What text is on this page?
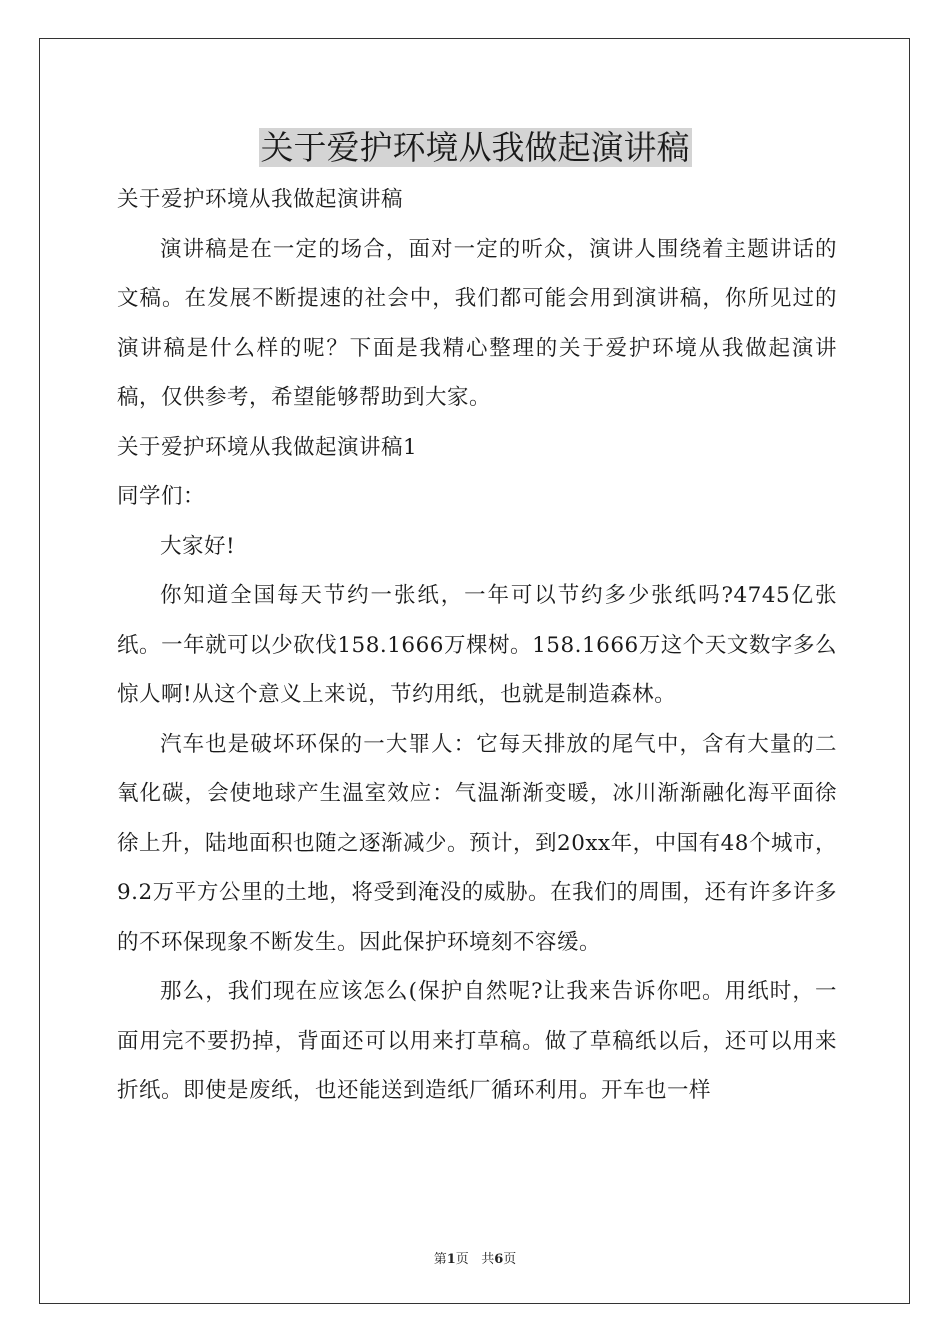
关于爱护环境从我做起演讲稿

关于爱护环境从我做起演讲稿

演讲稿是在一定的场合，面对一定的听众，演讲人围绕着主题讲话的文稿。在发展不断提速的社会中，我们都可能会用到演讲稿，你所见过的演讲稿是什么样的呢？下面是我精心整理的关于爱护环境从我做起演讲稿，仅供参考，希望能够帮助到大家。

关于爱护环境从我做起演讲稿1

同学们：

大家好!

你知道全国每天节约一张纸，一年可以节约多少张纸吗?4745亿张纸。一年就可以少砍伐158.1666万棵树。158.1666万这个天文数字多么惊人啊!从这个意义上来说，节约用纸，也就是制造森林。

汽车也是破坏环保的一大罪人：它每天排放的尾气中，含有大量的二氧化碳，会使地球产生温室效应：气温渐渐变暖，冰川渐渐融化海平面徐徐上升，陆地面积也随之逐渐减少。预计，到20xx年，中国有48个城市，9.2万平方公里的土地，将受到淹没的威胁。在我们的周围，还有许多许多的不环保现象不断发生。因此保护环境刻不容缓。

那么，我们现在应该怎么(保护自然呢?让我来告诉你吧。用纸时，一面用完不要扔掉，背面还可以用来打草稿。做了草稿纸以后，还可以用来折纸。即使是废纸，也还能送到造纸厂循环利用。开车也一样

第1页 共6页
